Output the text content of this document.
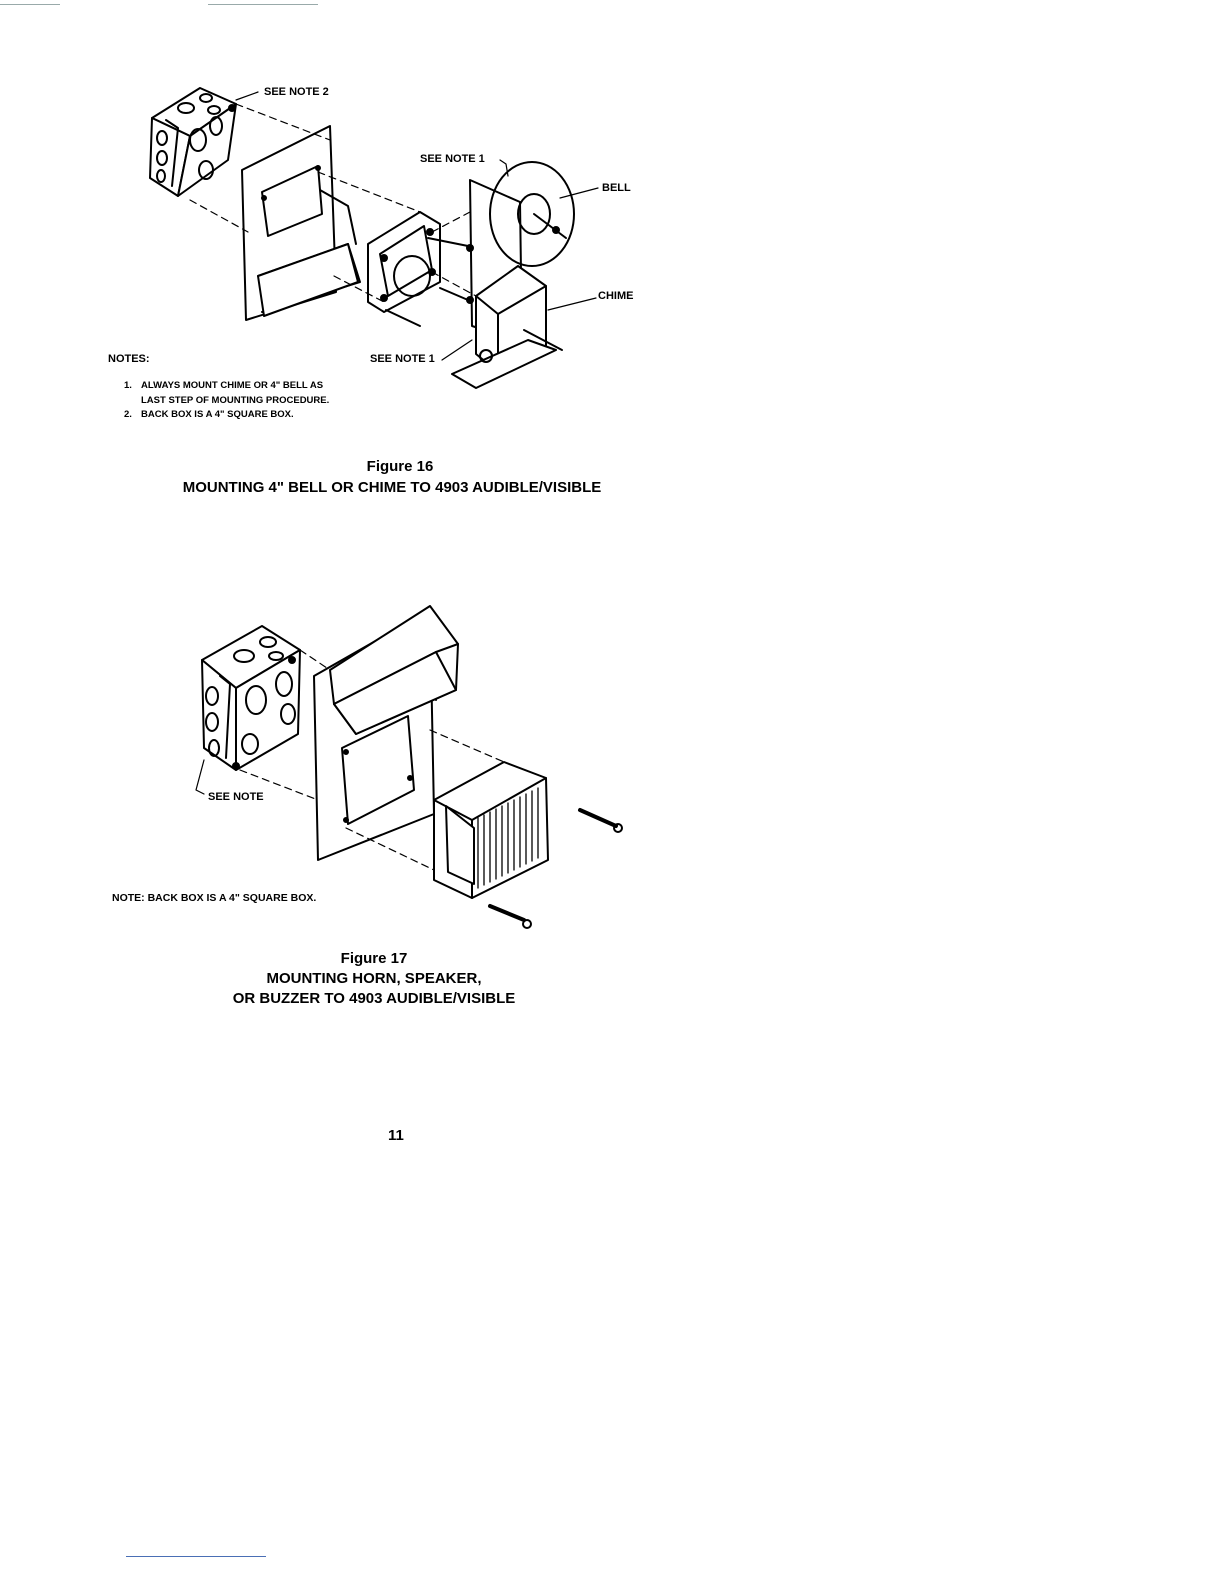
SEE NOTE 2
SEE NOTE 1
BELL
CHIME
SEE NOTE 1
NOTES:
1. ALWAYS MOUNT CHIME OR 4" BELL AS LAST STEP OF MOUNTING PROCEDURE.
2. BACK BOX IS A 4" SQUARE BOX.
Figure 16
MOUNTING 4" BELL OR CHIME TO 4903 AUDIBLE/VISIBLE
SEE NOTE
NOTE: BACK BOX IS A 4" SQUARE BOX.
Figure 17
MOUNTING HORN, SPEAKER,
OR BUZZER TO 4903 AUDIBLE/VISIBLE
11
